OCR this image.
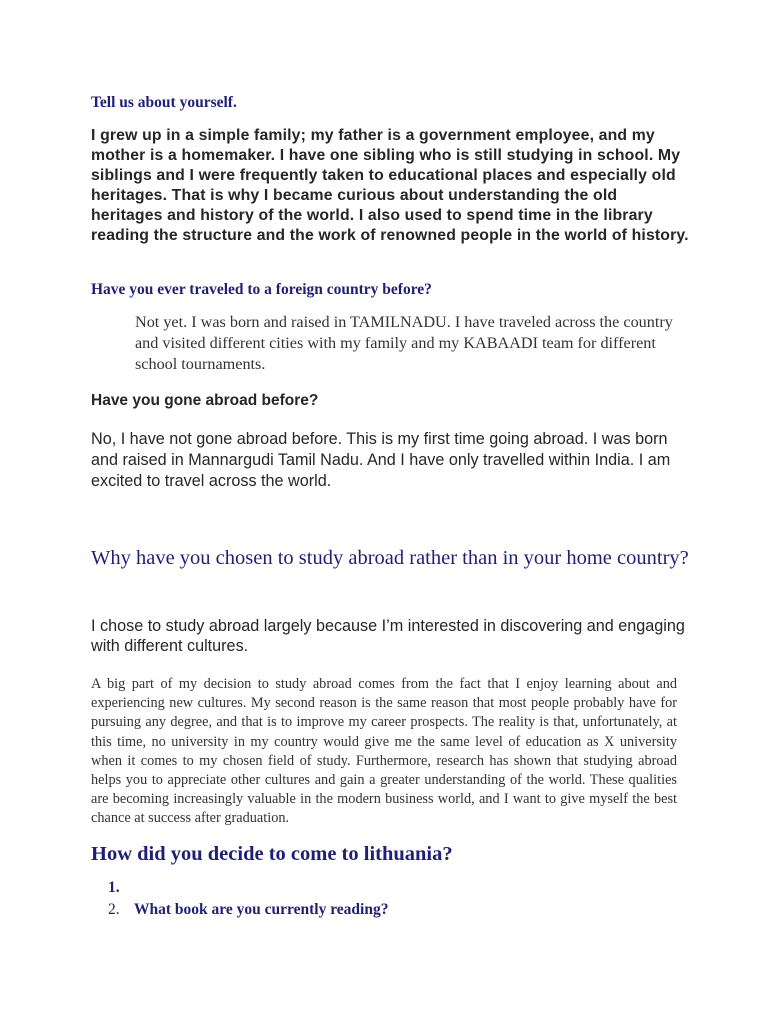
Tell us about yourself.

I grew up in a simple family; my father is a government employee, and my mother is a homemaker. I have one sibling who is still studying in school. My siblings and I were frequently taken to educational places and especially old heritages. That is why I became curious about understanding the old heritages and history of the world. I also used to spend time in the library reading the structure and the work of renowned people in the world of history.

Have you ever traveled to a foreign country before?

Not yet. I was born and raised in TAMILNADU. I have traveled across the country and visited different cities with my family and my KABAADI team for different school tournaments.

Have you gone abroad before?

No, I have not gone abroad before. This is my first time going abroad. I was born and raised in Mannargudi Tamil Nadu. And I have only travelled within India. I am excited to travel across the world.

Why have you chosen to study abroad rather than in your home country?

I chose to study abroad largely because I’m interested in discovering and engaging with different cultures.

A big part of my decision to study abroad comes from the fact that I enjoy learning about and experiencing new cultures. My second reason is the same reason that most people probably have for pursuing any degree, and that is to improve my career prospects. The reality is that, unfortunately, at this time, no university in my country would give me the same level of education as X university when it comes to my chosen field of study. Furthermore, research has shown that studying abroad helps you to appreciate other cultures and gain a greater understanding of the world. These qualities are becoming increasingly valuable in the modern business world, and I want to give myself the best chance at success after graduation.

How did you decide to come to lithuania?

1.
2. What book are you currently reading?
